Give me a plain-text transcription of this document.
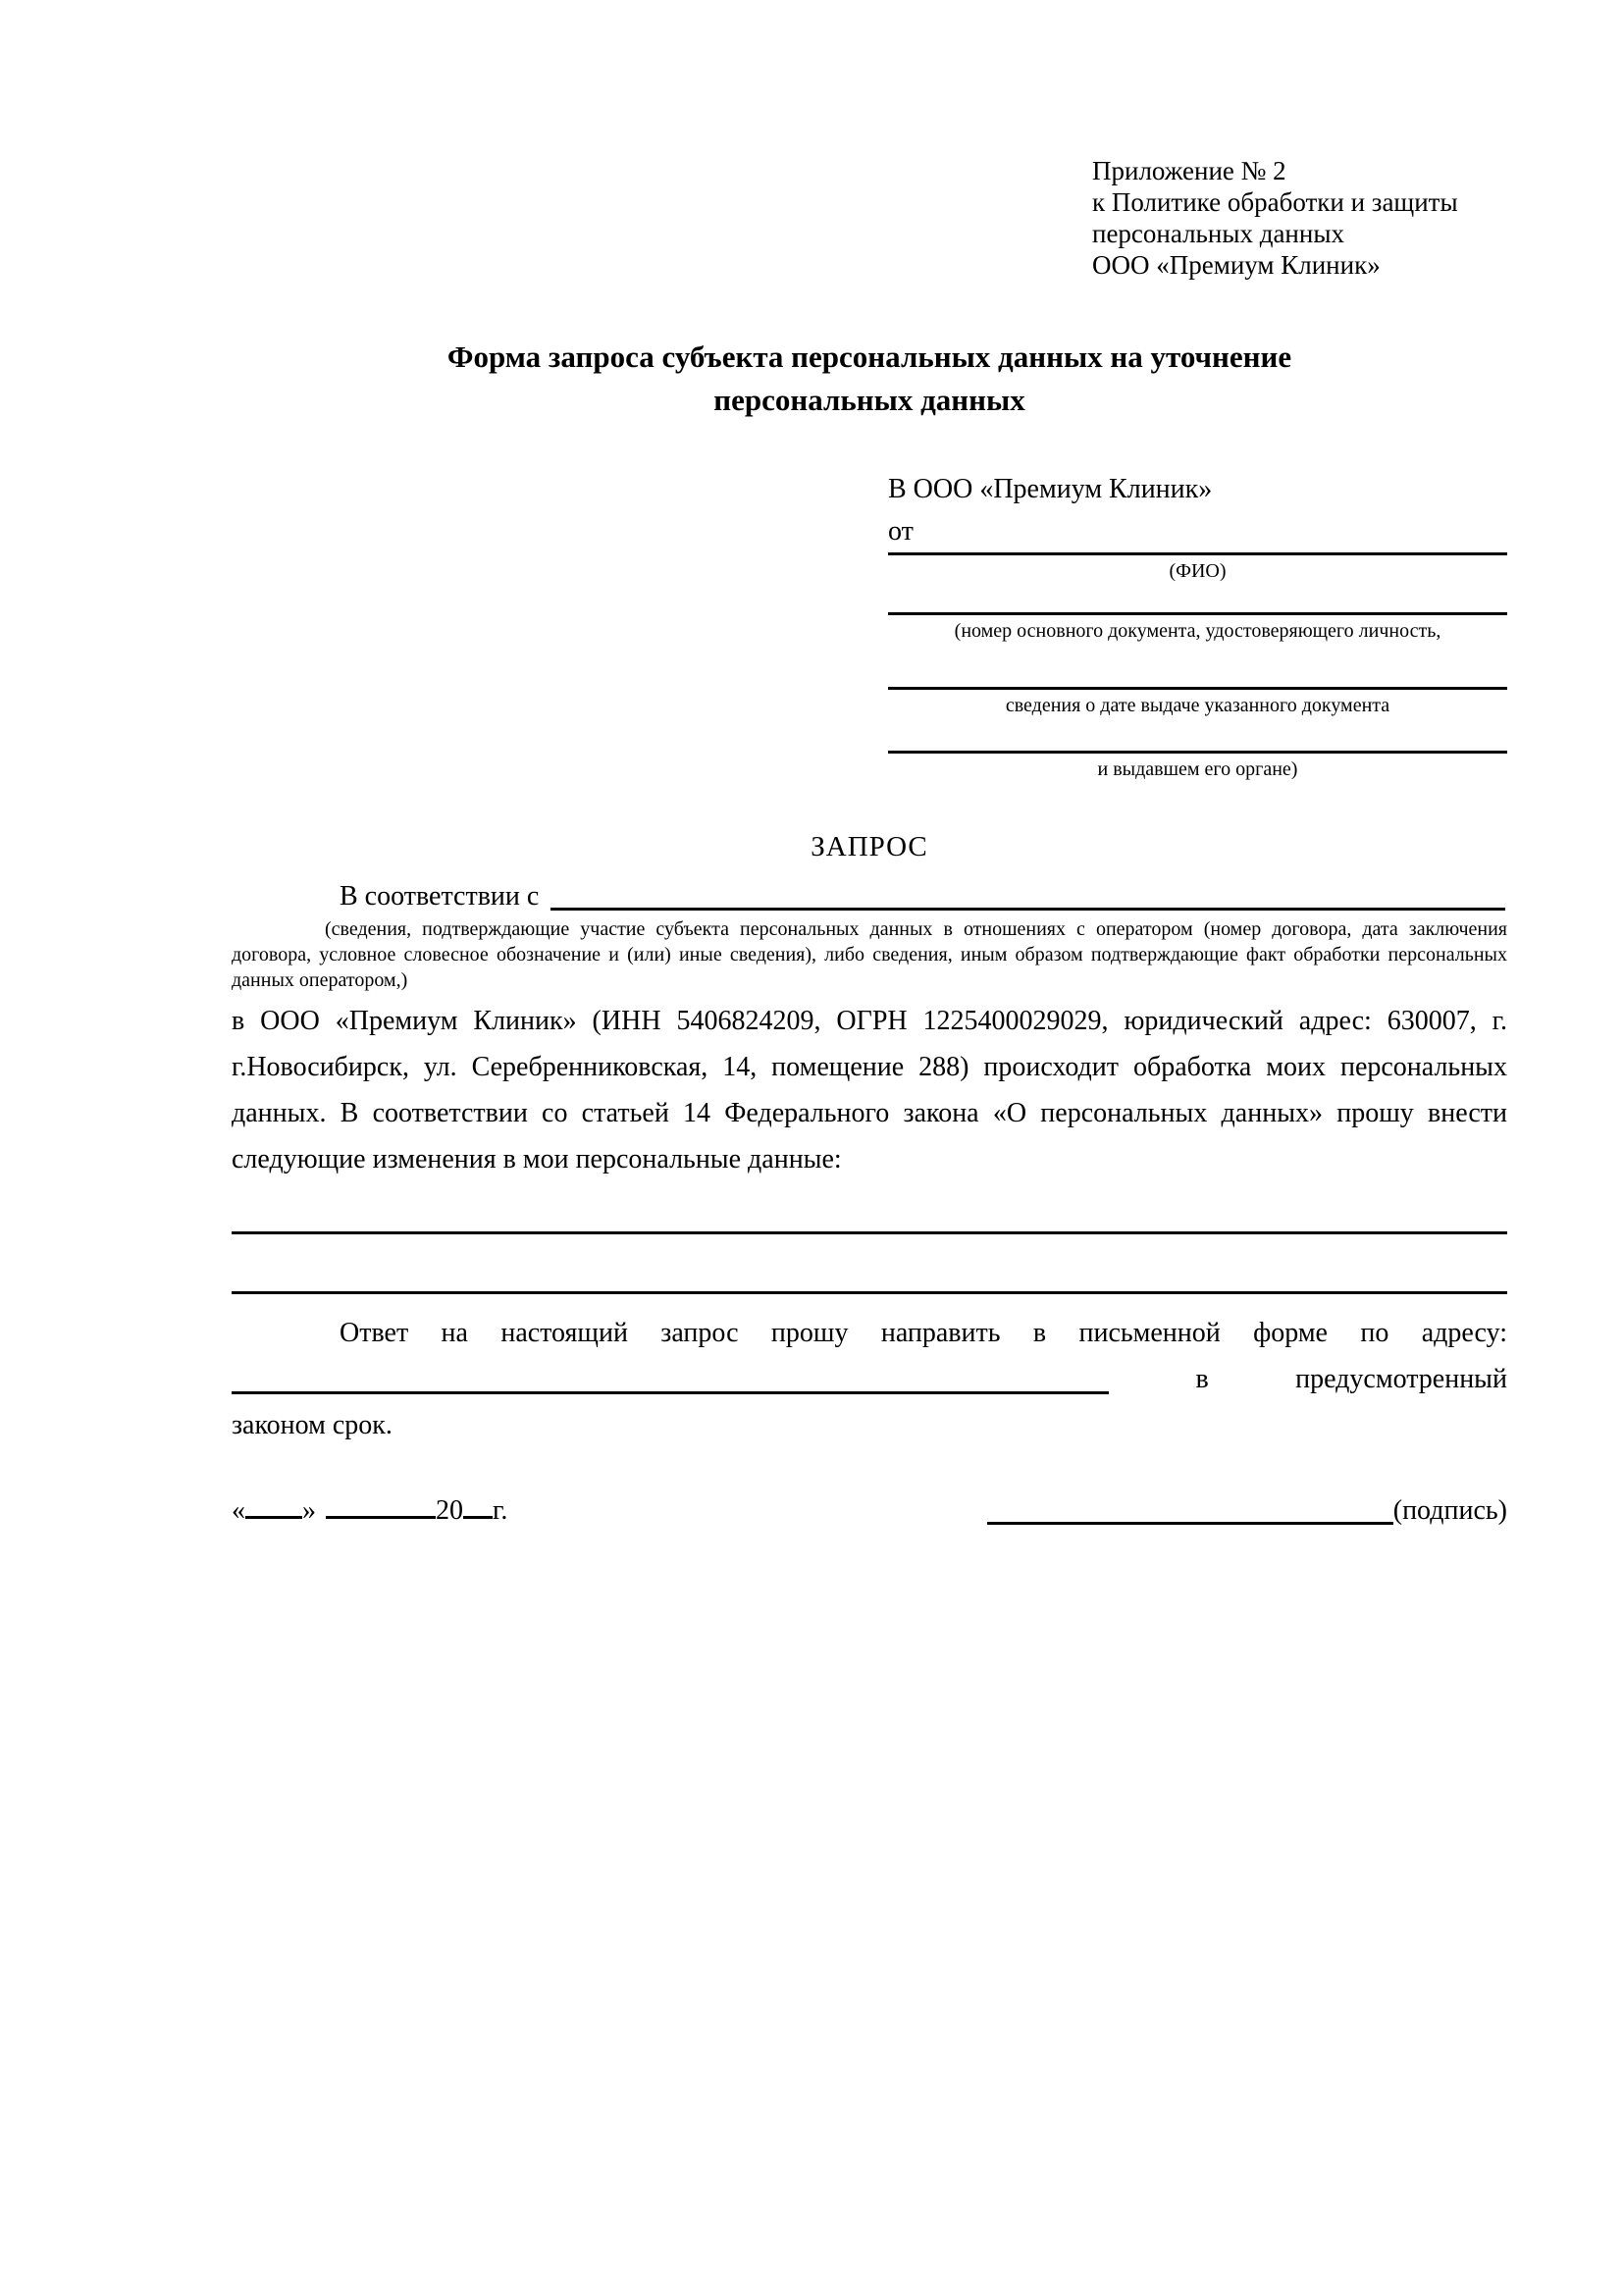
Приложение № 2
к Политике обработки и защиты
персональных данных
ООО «Премиум Клиник»
Форма запроса субъекта персональных данных на уточнение
персональных данных
В ООО «Премиум Клиник»
от
(ФИО)
(номер основного документа, удостоверяющего личность,
сведения о дате выдаче указанного документа
и выдавшем его органе)
ЗАПРОС
В соответствии с
(сведения, подтверждающие участие субъекта персональных данных в отношениях с оператором (номер договора, дата заключения договора, условное словесное обозначение и (или) иные сведения), либо сведения, иным образом подтверждающие факт обработки персональных данных оператором,)
в ООО «Премиум Клиник» (ИНН 5406824209, ОГРН 1225400029029, юридический адрес: 630007, г. г.Новосибирск, ул. Серебренниковская, 14, помещение 288) происходит обработка моих персональных данных. В соответствии со статьей 14 Федерального закона «О персональных данных» прошу внести следующие изменения в мои персональные данные:
Ответ на настоящий запрос прошу направить в письменной форме по адресу:
в	предусмотренный
законом срок.
« »	20 г.	(подпись)
